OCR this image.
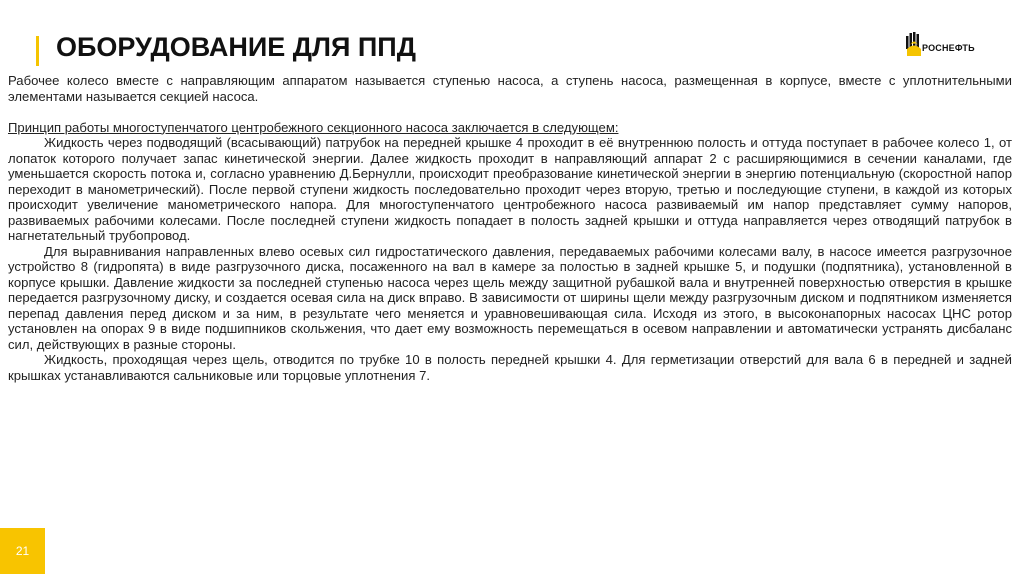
ОБОРУДОВАНИЕ ДЛЯ ППД	РОСНЕФТЬ

Рабочее колесо вместе с направляющим аппаратом называется ступенью насоса, а ступень насоса, размещенная в корпусе, вместе с уплотнительными элементами называется секцией насоса.

Принцип работы многоступенчатого центробежного секционного насоса заключается в следующем:

Жидкость через подводящий (всасывающий) патрубок на передней крышке 4 проходит в её внутреннюю полость и оттуда поступает в рабочее колесо 1, от лопаток которого получает запас кинетической энергии. Далее жидкость проходит в направляющий аппарат 2 с расширяющимися в сечении каналами, где уменьшается скорость потока и, согласно уравнению Д.Бернулли, происходит преобразование кинетической энергии в энергию потенциальную (скоростной напор переходит в манометрический). После первой ступени жидкость последовательно проходит через вторую, третью и последующие ступени, в каждой из которых происходит увеличение манометрического напора. Для многоступенчатого центробежного насоса развиваемый им напор представляет сумму напоров, развиваемых рабочими колесами. После последней ступени жидкость попадает в полость задней крышки и оттуда направляется через отводящий патрубок в нагнетательный трубопровод.

Для выравнивания направленных влево осевых сил гидростатического давления, передаваемых рабочими колесами валу, в насосе имеется разгрузочное устройство 8 (гидропята) в виде разгрузочного диска, посаженного на вал в камере за полостью в задней крышке 5, и подушки (подпятника), установленной в корпусе крышки. Давление жидкости за последней ступенью насоса через щель между защитной рубашкой вала и внутренней поверхностью отверстия в крышке передается разгрузочному диску, и создается осевая сила на диск вправо. В зависимости от ширины щели между разгрузочным диском и подпятником изменяется перепад давления перед диском и за ним, в результате чего меняется и уравновешивающая сила. Исходя из этого, в высоконапорных насосах ЦНС ротор установлен на опорах 9 в виде подшипников скольжения, что дает ему возможность перемещаться в осевом направлении и автоматически устранять дисбаланс сил, действующих в разные стороны.

Жидкость, проходящая через щель, отводится по трубке 10 в полость передней крышки 4. Для герметизации отверстий для вала 6 в передней и задней крышках устанавливаются сальниковые или торцовые уплотнения 7.

21
